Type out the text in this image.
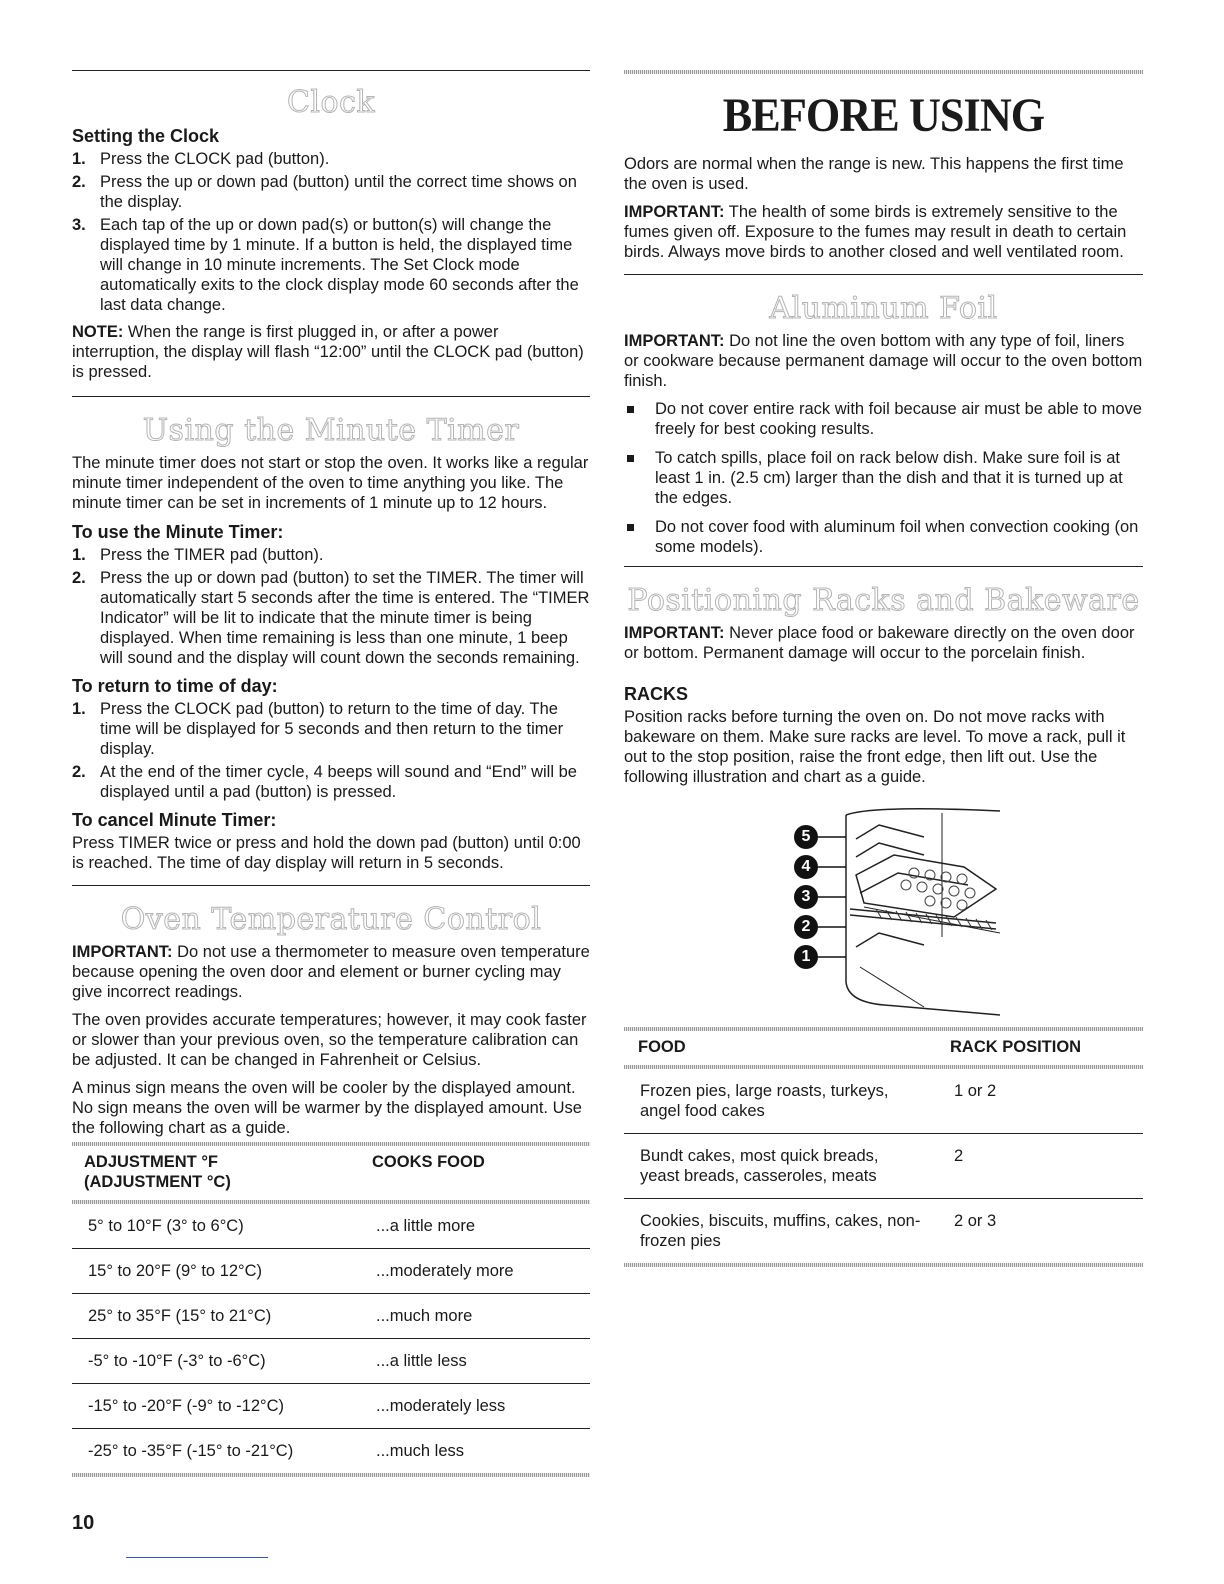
Clock
Setting the Clock
1. Press the CLOCK pad (button).
2. Press the up or down pad (button) until the correct time shows on the display.
3. Each tap of the up or down pad(s) or button(s) will change the displayed time by 1 minute. If a button is held, the displayed time will change in 10 minute increments. The Set Clock mode automatically exits to the clock display mode 60 seconds after the last data change.

NOTE: When the range is first plugged in, or after a power interruption, the display will flash “12:00” until the CLOCK pad (button) is pressed.

Using the Minute Timer

The minute timer does not start or stop the oven. It works like a regular minute timer independent of the oven to time anything you like. The minute timer can be set in increments of 1 minute up to 12 hours.

To use the Minute Timer:
1. Press the TIMER pad (button).
2. Press the up or down pad (button) to set the TIMER. The timer will automatically start 5 seconds after the time is entered. The “TIMER Indicator” will be lit to indicate that the minute timer is being displayed. When time remaining is less than one minute, 1 beep will sound and the display will count down the seconds remaining.
To return to time of day:
1. Press the CLOCK pad (button) to return to the time of day. The time will be displayed for 5 seconds and then return to the timer display.
2. At the end of the timer cycle, 4 beeps will sound and “End” will be displayed until a pad (button) is pressed.
To cancel Minute Timer:

Press TIMER twice or press and hold the down pad (button) until 0:00 is reached. The time of day display will return in 5 seconds.

Oven Temperature Control

IMPORTANT: Do not use a thermometer to measure oven temperature because opening the oven door and element or burner cycling may give incorrect readings.

The oven provides accurate temperatures; however, it may cook faster or slower than your previous oven, so the temperature calibration can be adjusted. It can be changed in Fahrenheit or Celsius.

A minus sign means the oven will be cooler by the displayed amount. No sign means the oven will be warmer by the displayed amount. Use the following chart as a guide.

ADJUSTMENT °F
(ADJUSTMENT °C)	COOKS FOOD

5° to 10°F (3° to 6°C)	...a little more
15° to 20°F (9° to 12°C)	...moderately more
25° to 35°F (15° to 21°C)	...much more
-5° to -10°F (-3° to -6°C)	...a little less
-15° to -20°F (-9° to -12°C)	...moderately less
-25° to -35°F (-15° to -21°C)	...much less
BEFORE USING

Odors are normal when the range is new. This happens the first time the oven is used.

IMPORTANT: The health of some birds is extremely sensitive to the fumes given off. Exposure to the fumes may result in death to certain birds. Always move birds to another closed and well ventilated room.

Aluminum Foil

IMPORTANT: Do not line the oven bottom with any type of foil, liners or cookware because permanent damage will occur to the oven bottom finish.

Do not cover entire rack with foil because air must be able to move freely for best cooking results.
To catch spills, place foil on rack below dish. Make sure foil is at least 1 in. (2.5 cm) larger than the dish and that it is turned up at the edges.
Do not cover food with aluminum foil when convection cooking (on some models).
Positioning Racks and Bakeware

IMPORTANT: Never place food or bakeware directly on the oven door or bottom. Permanent damage will occur to the porcelain finish.

RACKS

Position racks before turning the oven on. Do not move racks with bakeware on them. Make sure racks are level. To move a rack, pull it out to the stop position, raise the front edge, then lift out. Use the following illustration and chart as a guide.

5
4
3
2
1
FOOD	RACK POSITION

Frozen pies, large roasts, turkeys, angel food cakes	1 or 2
Bundt cakes, most quick breads, yeast breads, casseroles, meats	2
Cookies, biscuits, muffins, cakes, non-frozen pies	2 or 3
10
